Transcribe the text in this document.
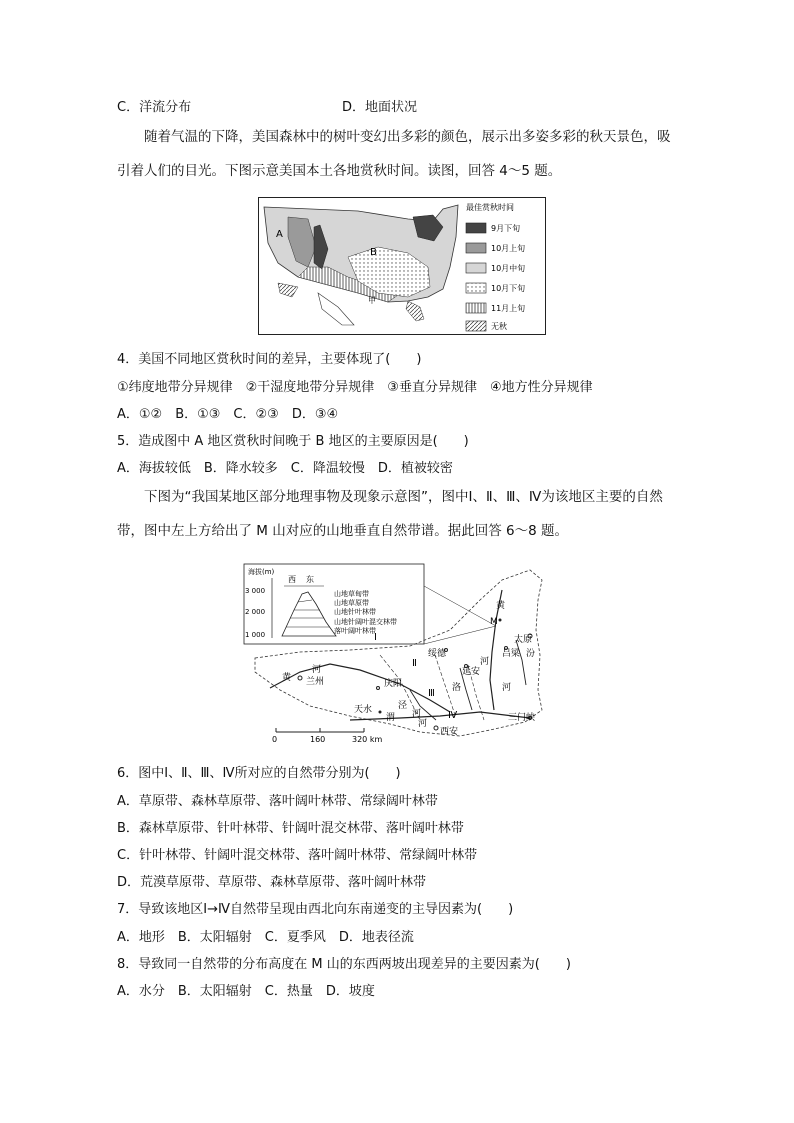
C．洋流分布	D．地面状况
随着气温的下降，美国森林中的树叶变幻出多彩的颜色，展示出多姿多彩的秋天景色，吸引着人们的目光。下图示意美国本土各地赏秋时间。读图，回答 4～5 题。
A
B
甲
最佳赏秋时间
9月下旬
10月上旬
10月中旬
10月下旬
11月上旬
无秋
4．美国不同地区赏秋时间的差异，主要体现了(　　)
①纬度地带分异规律　②干湿度地带分异规律　③垂直分异规律　④地方性分异规律
A．①②　B．①③　C．②③　D．③④
5．造成图中 A 地区赏秋时间晚于 B 地区的主要原因是(　　)
A．海拔较低　B．降水较多　C．降温较慢　D．植被较密
下图为“我国某地区部分地理事物及现象示意图”，图中Ⅰ、Ⅱ、Ⅲ、Ⅳ为该地区主要的自然带，图中左上方给出了 M 山对应的山地垂直自然带谱。据此回答 6～8 题。
海拔(m)
3 000
2 000
1 000
西 东
山地草甸带
山地草原带
山地针叶林带
山地针阔叶混交林带
落叶阔叶林带
黄
M
太原
汾
吕梁
绥德
延安
河
洛	河
河
兰州
黄
庆阳
泾
河
天水
渭
河
西安
三门峡
Ⅰ
Ⅱ
Ⅲ
Ⅳ
0	160	320 km
6．图中Ⅰ、Ⅱ、Ⅲ、Ⅳ所对应的自然带分别为(　　)
A．草原带、森林草原带、落叶阔叶林带、常绿阔叶林带
B．森林草原带、针叶林带、针阔叶混交林带、落叶阔叶林带
C．针叶林带、针阔叶混交林带、落叶阔叶林带、常绿阔叶林带
D．荒漠草原带、草原带、森林草原带、落叶阔叶林带
7．导致该地区Ⅰ→Ⅳ自然带呈现由西北向东南递变的主导因素为(　　)
A．地形　B．太阳辐射　C．夏季风　D．地表径流
8．导致同一自然带的分布高度在 M 山的东西两坡出现差异的主要因素为(　　)
A．水分　B．太阳辐射　C．热量　D．坡度
